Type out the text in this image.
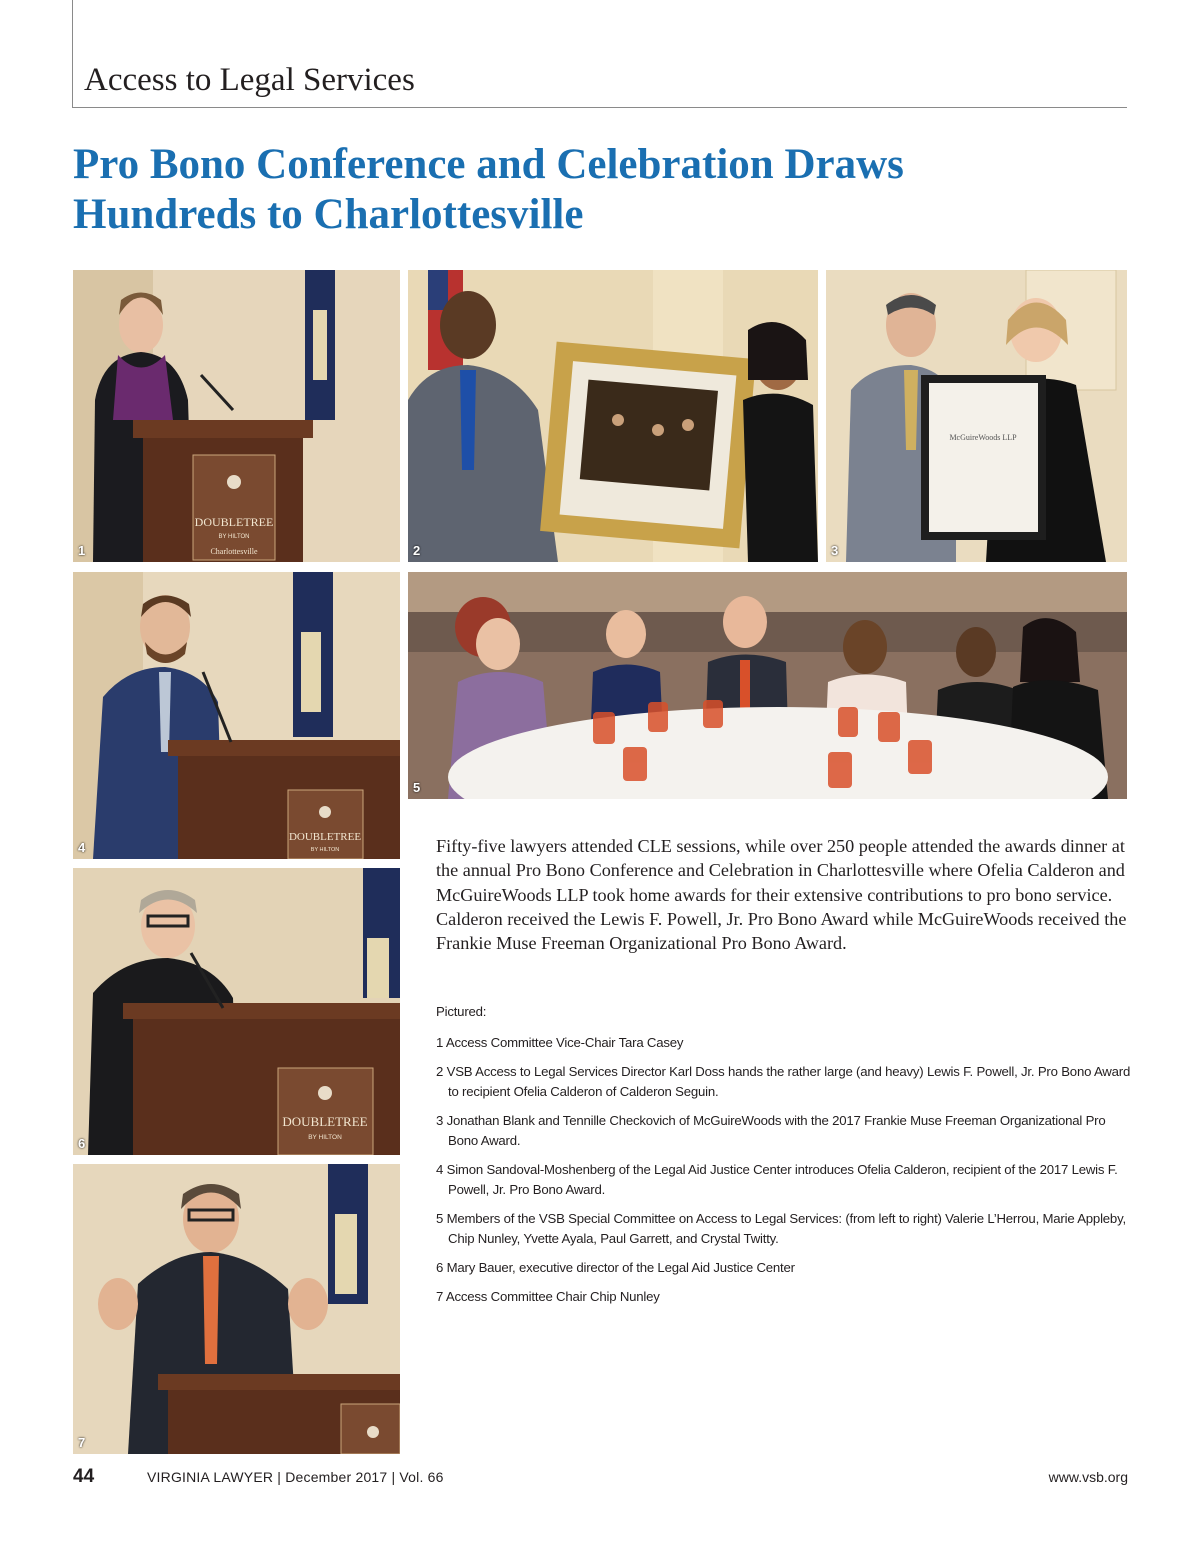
Access to Legal Services
Pro Bono Conference and Celebration Draws
Hundreds to Charlottesville
DOUBLETREE
BY HILTON
Charlottesville
1	2
McGuireWoods LLP
3
DOUBLETREE
BY HILTON
4
5
DOUBLETREE
BY HILTON
6
7

Fifty-five lawyers attended CLE sessions, while over 250 people attended the awards dinner at the annual Pro Bono Conference and Celebration in Charlottesville where Ofelia Calderon and McGuireWoods LLP took home awards for their extensive contributions to pro bono service. Calderon received the Lewis F. Powell, Jr. Pro Bono Award while McGuireWoods received the Frankie Muse Freeman Organizational Pro Bono Award.

Pictured:

1 Access Committee Vice-Chair Tara Casey
2 VSB Access to Legal Services Director Karl Doss hands the rather large (and heavy) Lewis F. Powell, Jr. Pro Bono Award to recipient Ofelia Calderon of Calderon Seguin.
3 Jonathan Blank and Tennille Checkovich of McGuireWoods with the 2017 Frankie Muse Freeman Organizational Pro Bono Award.
4 Simon Sandoval-Moshenberg of the Legal Aid Justice Center introduces Ofelia Calderon, recipient of the 2017 Lewis F. Powell, Jr. Pro Bono Award.
5 Members of the VSB Special Committee on Access to Legal Services: (from left to right) Valerie L’Herrou, Marie Appleby, Chip Nunley, Yvette Ayala, Paul Garrett, and Crystal Twitty.
6 Mary Bauer, executive director of the Legal Aid Justice Center
7 Access Committee Chair Chip Nunley
44	VIRGINIA LAWYER | December 2017 | Vol. 66	www.vsb.org
